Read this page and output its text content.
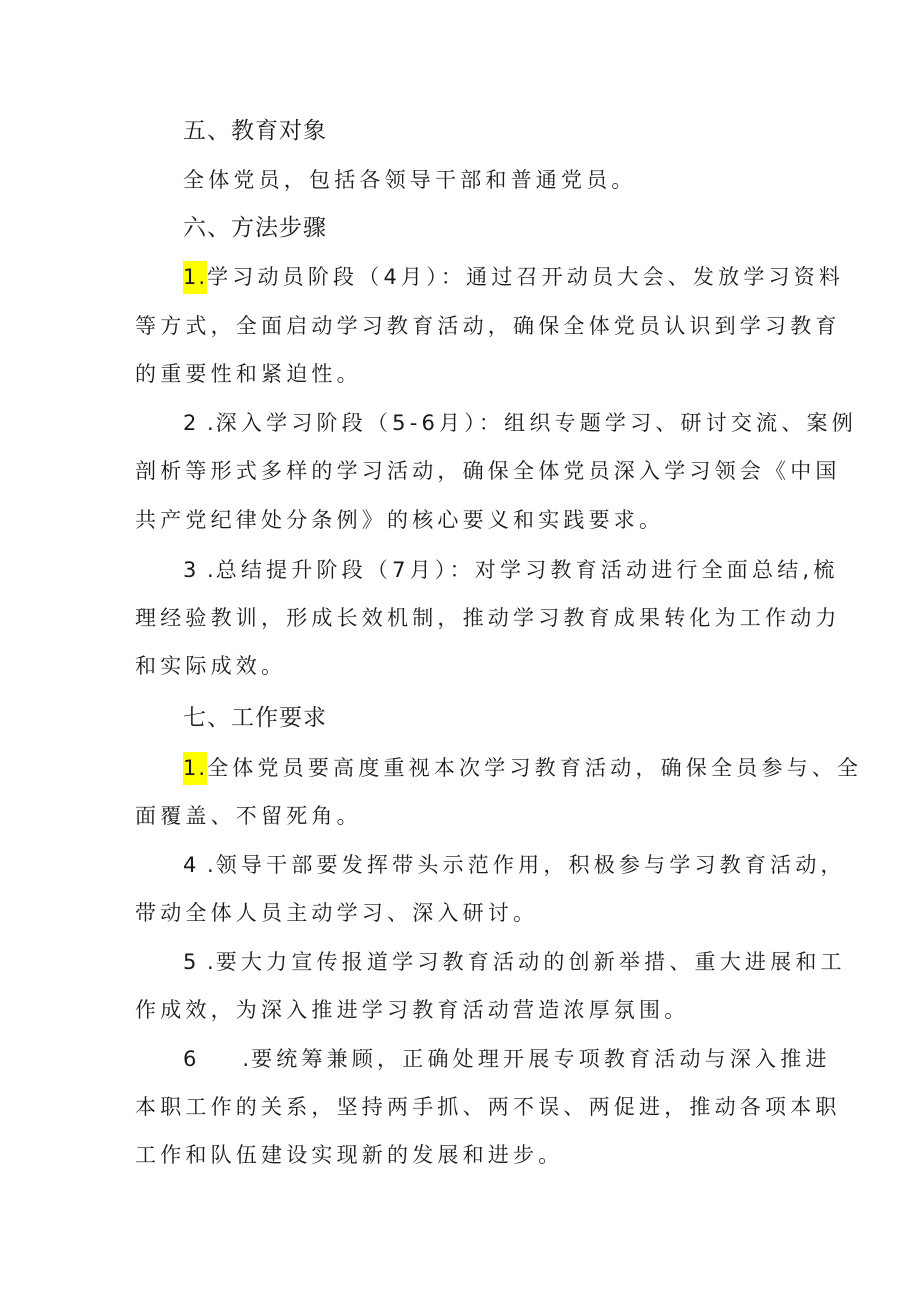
五、教育对象
全体党员，包括各领导干部和普通党员。
六、方法步骤
1.学习动员阶段（4月）：通过召开动员大会、发放学习资料
等方式，全面启动学习教育活动，确保全体党员认识到学习教育
的重要性和紧迫性。
2 .深入学习阶段（5-6月）：组织专题学习、研讨交流、案例
剖析等形式多样的学习活动，确保全体党员深入学习领会《中国
共产党纪律处分条例》的核心要义和实践要求。
3 .总结提升阶段（7月）：对学习教育活动进行全面总结,梳
理经验教训，形成长效机制，推动学习教育成果转化为工作动力
和实际成效。
七、工作要求
1.全体党员要高度重视本次学习教育活动，确保全员参与、全
面覆盖、不留死角。
4 .领导干部要发挥带头示范作用，积极参与学习教育活动，
带动全体人员主动学习、深入研讨。
5 .要大力宣传报道学习教育活动的创新举措、重大进展和工
作成效，为深入推进学习教育活动营造浓厚氛围。
6 .要统筹兼顾，正确处理开展专项教育活动与深入推进
本职工作的关系，坚持两手抓、两不误、两促进，推动各项本职
工作和队伍建设实现新的发展和进步。
